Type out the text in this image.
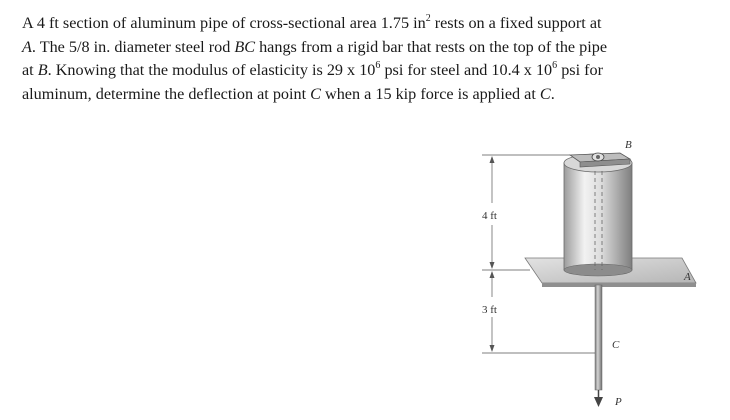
A 4 ft section of aluminum pipe of cross-sectional area 1.75 $in^2$ rests on a fixed support at
A. The 5/8 in. diameter steel rod BC hangs from a rigid bar that rests on the top of the pipe
at B. Knowing that the modulus of elasticity is 29 x $10^6$ psi for steel and 10.4 x $10^6$ psi for
aluminum, determine the deflection at point C when a 15 kip force is applied at C.

B
A
C
P
4 ft
3 ft
